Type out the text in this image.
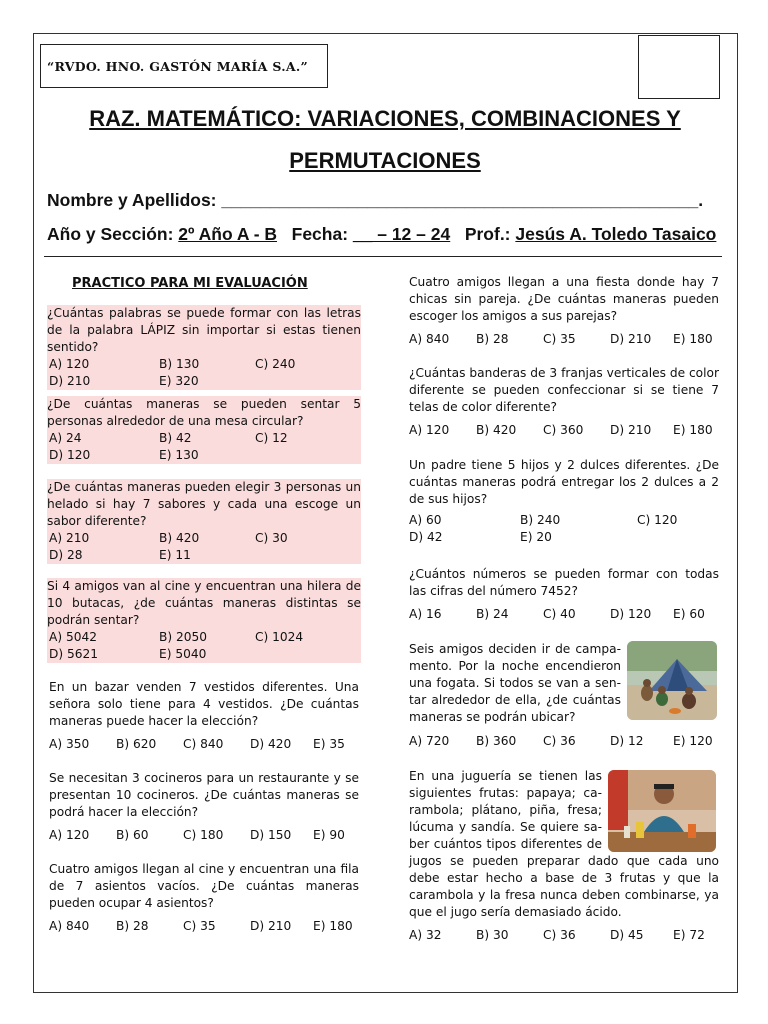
“RVDO. HNO. GASTÓN MARÍA S.A.”
RAZ. MATEMÁTICO: VARIACIONES, COMBINACIONES Y
PERMUTACIONES
Nombre y Apellidos: _________________________________________________.
Año y Sección: 2º Año A - B Fecha: __ – 12 – 24 Prof.: Jesús A. Toledo Tasaico
PRACTICO PARA MI EVALUACIÓN
¿Cuántas palabras se puede formar con las letras de la palabra LÁPIZ sin importar si estas tienen sentido?
A) 120	B) 130	C) 240
D) 210	E) 320
¿De cuántas maneras se pueden sentar 5 personas alrededor de una mesa circular?
A) 24	B) 42	C) 12
D) 120	E) 130
¿De cuántas maneras pueden elegir 3 personas un helado si hay 7 sabores y cada una escoge un sabor diferente?
A) 210	B) 420	C) 30
D) 28	E) 11
Si 4 amigos van al cine y encuentran una hilera de 10 butacas, ¿de cuántas maneras distintas se podrán sentar?
A) 5042	B) 2050	C) 1024
D) 5621	E) 5040
En un bazar venden 7 vestidos diferentes. Una señora solo tiene para 4 vestidos. ¿De cuántas maneras puede hacer la elección?
A) 350 B) 620 C) 840 D) 420 E) 35
Se necesitan 3 cocineros para un restaurante y se presentan 10 cocineros. ¿De cuántas maneras se podrá hacer la elección?
A) 120 B) 60	C) 180 D) 150 E) 90
Cuatro amigos llegan al cine y encuentran una fila de 7 asientos vacíos. ¿De cuántas maneras pueden ocupar 4 asientos?
A) 840 B) 28	C) 35	D) 210 E) 180
Cuatro amigos llegan a una fiesta donde hay 7 chicas sin pareja. ¿De cuántas maneras pueden escoger los amigos a sus parejas?
A) 840 B) 28	C) 35	D) 210 E) 180
¿Cuántas banderas de 3 franjas verticales de color diferente se pueden confeccionar si se tiene 7 telas de color diferente?
A) 120 B) 420 C) 360 D) 210 E) 180
Un padre tiene 5 hijos y 2 dulces diferentes. ¿De cuántas maneras podrá entregar los 2 dulces a 2 de sus hijos?
A) 60	B) 240	C) 120
D) 42	E) 20
¿Cuántos números se pueden formar con todas las cifras del número 7452?
A) 16	B) 24	C) 40	D) 120 E) 60
Seis amigos deciden ir de campa-mento. Por la noche encendieron una fogata. Si todos se van a sen-tar alrededor de ella, ¿de cuántas maneras se podrán ubicar?
A) 720 B) 360 C) 36	D) 12 E) 120
En una juguería se tienen las siguientes frutas: papaya; ca-rambola; plátano, piña, fresa; lúcuma y sandía. Se quiere sa-ber cuántos tipos diferentes de jugos se pueden preparar dado que cada uno debe estar hecho a base de 3 frutas y que la carambola y la fresa nunca deben combinarse, ya que el jugo sería demasiado ácido.
A) 32	B) 30	C) 36	D) 45 E) 72
